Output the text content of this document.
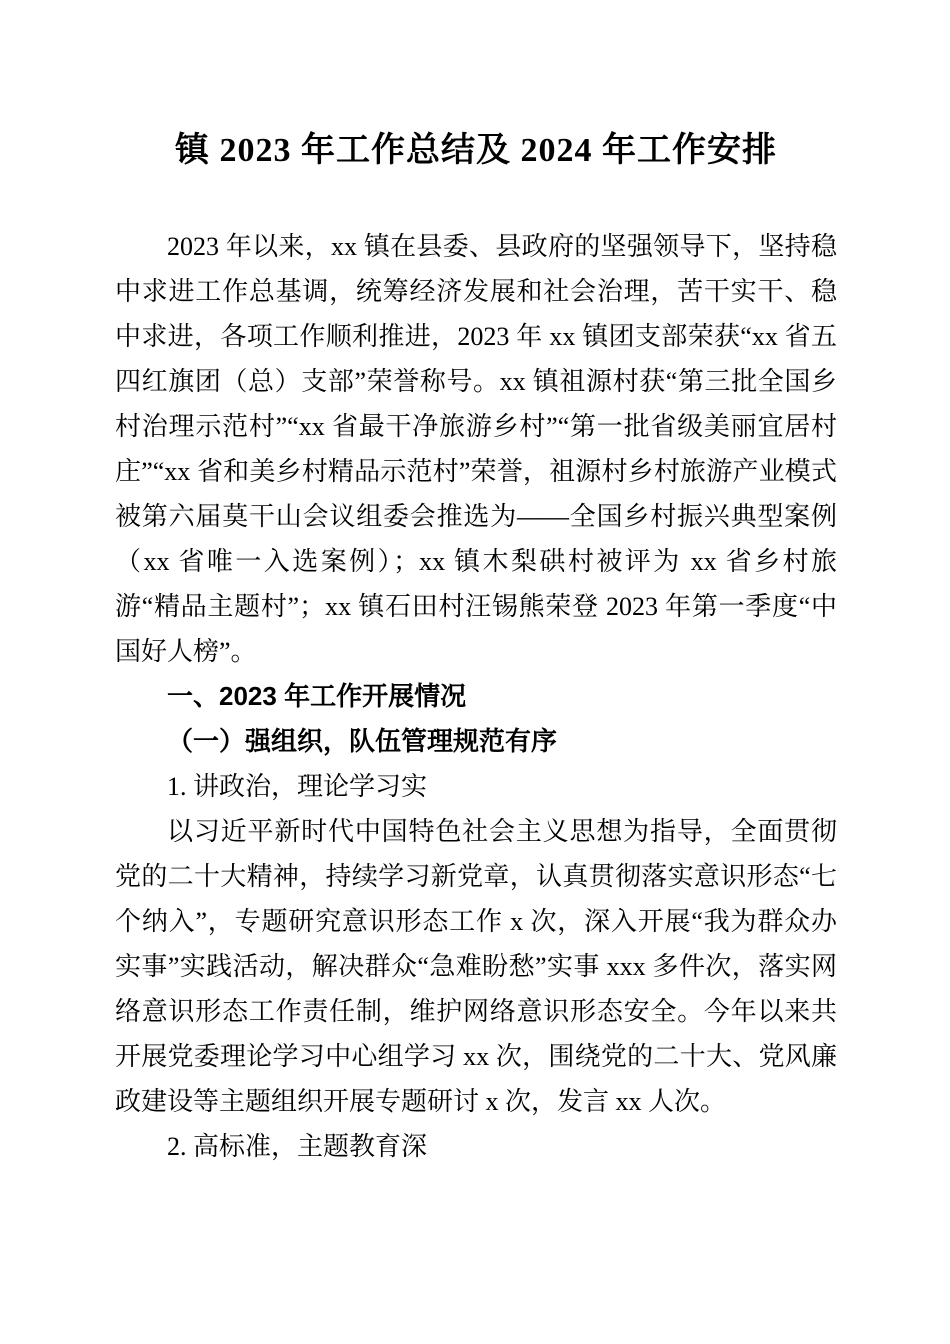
镇 2023 年工作总结及 2024 年工作安排

2023 年以来，xx 镇在县委、县政府的坚强领导下，坚持稳中求进工作总基调，统筹经济发展和社会治理，苦干实干、稳中求进，各项工作顺利推进，2023 年 xx 镇团支部荣获“xx 省五四红旗团（总）支部”荣誉称号。xx 镇祖源村获“第三批全国乡村治理示范村”“xx 省最干净旅游乡村”“第一批省级美丽宜居村庄”“xx 省和美乡村精品示范村”荣誉，祖源村乡村旅游产业模式被第六届莫干山会议组委会推选为——全国乡村振兴典型案例（xx 省唯一入选案例）；xx 镇木梨硔村被评为 xx 省乡村旅游“精品主题村”；xx 镇石田村汪锡熊荣登 2023 年第一季度“中国好人榜”。

一、2023 年工作开展情况

（一）强组织，队伍管理规范有序

1. 讲政治，理论学习实

以习近平新时代中国特色社会主义思想为指导，全面贯彻党的二十大精神，持续学习新党章，认真贯彻落实意识形态“七个纳入”，专题研究意识形态工作 x 次，深入开展“我为群众办实事”实践活动，解决群众“急难盼愁”实事 xxx 多件次，落实网络意识形态工作责任制，维护网络意识形态安全。今年以来共开展党委理论学习中心组学习 xx 次，围绕党的二十大、党风廉政建设等主题组织开展专题研讨 x 次，发言 xx 人次。

2. 高标准，主题教育深
